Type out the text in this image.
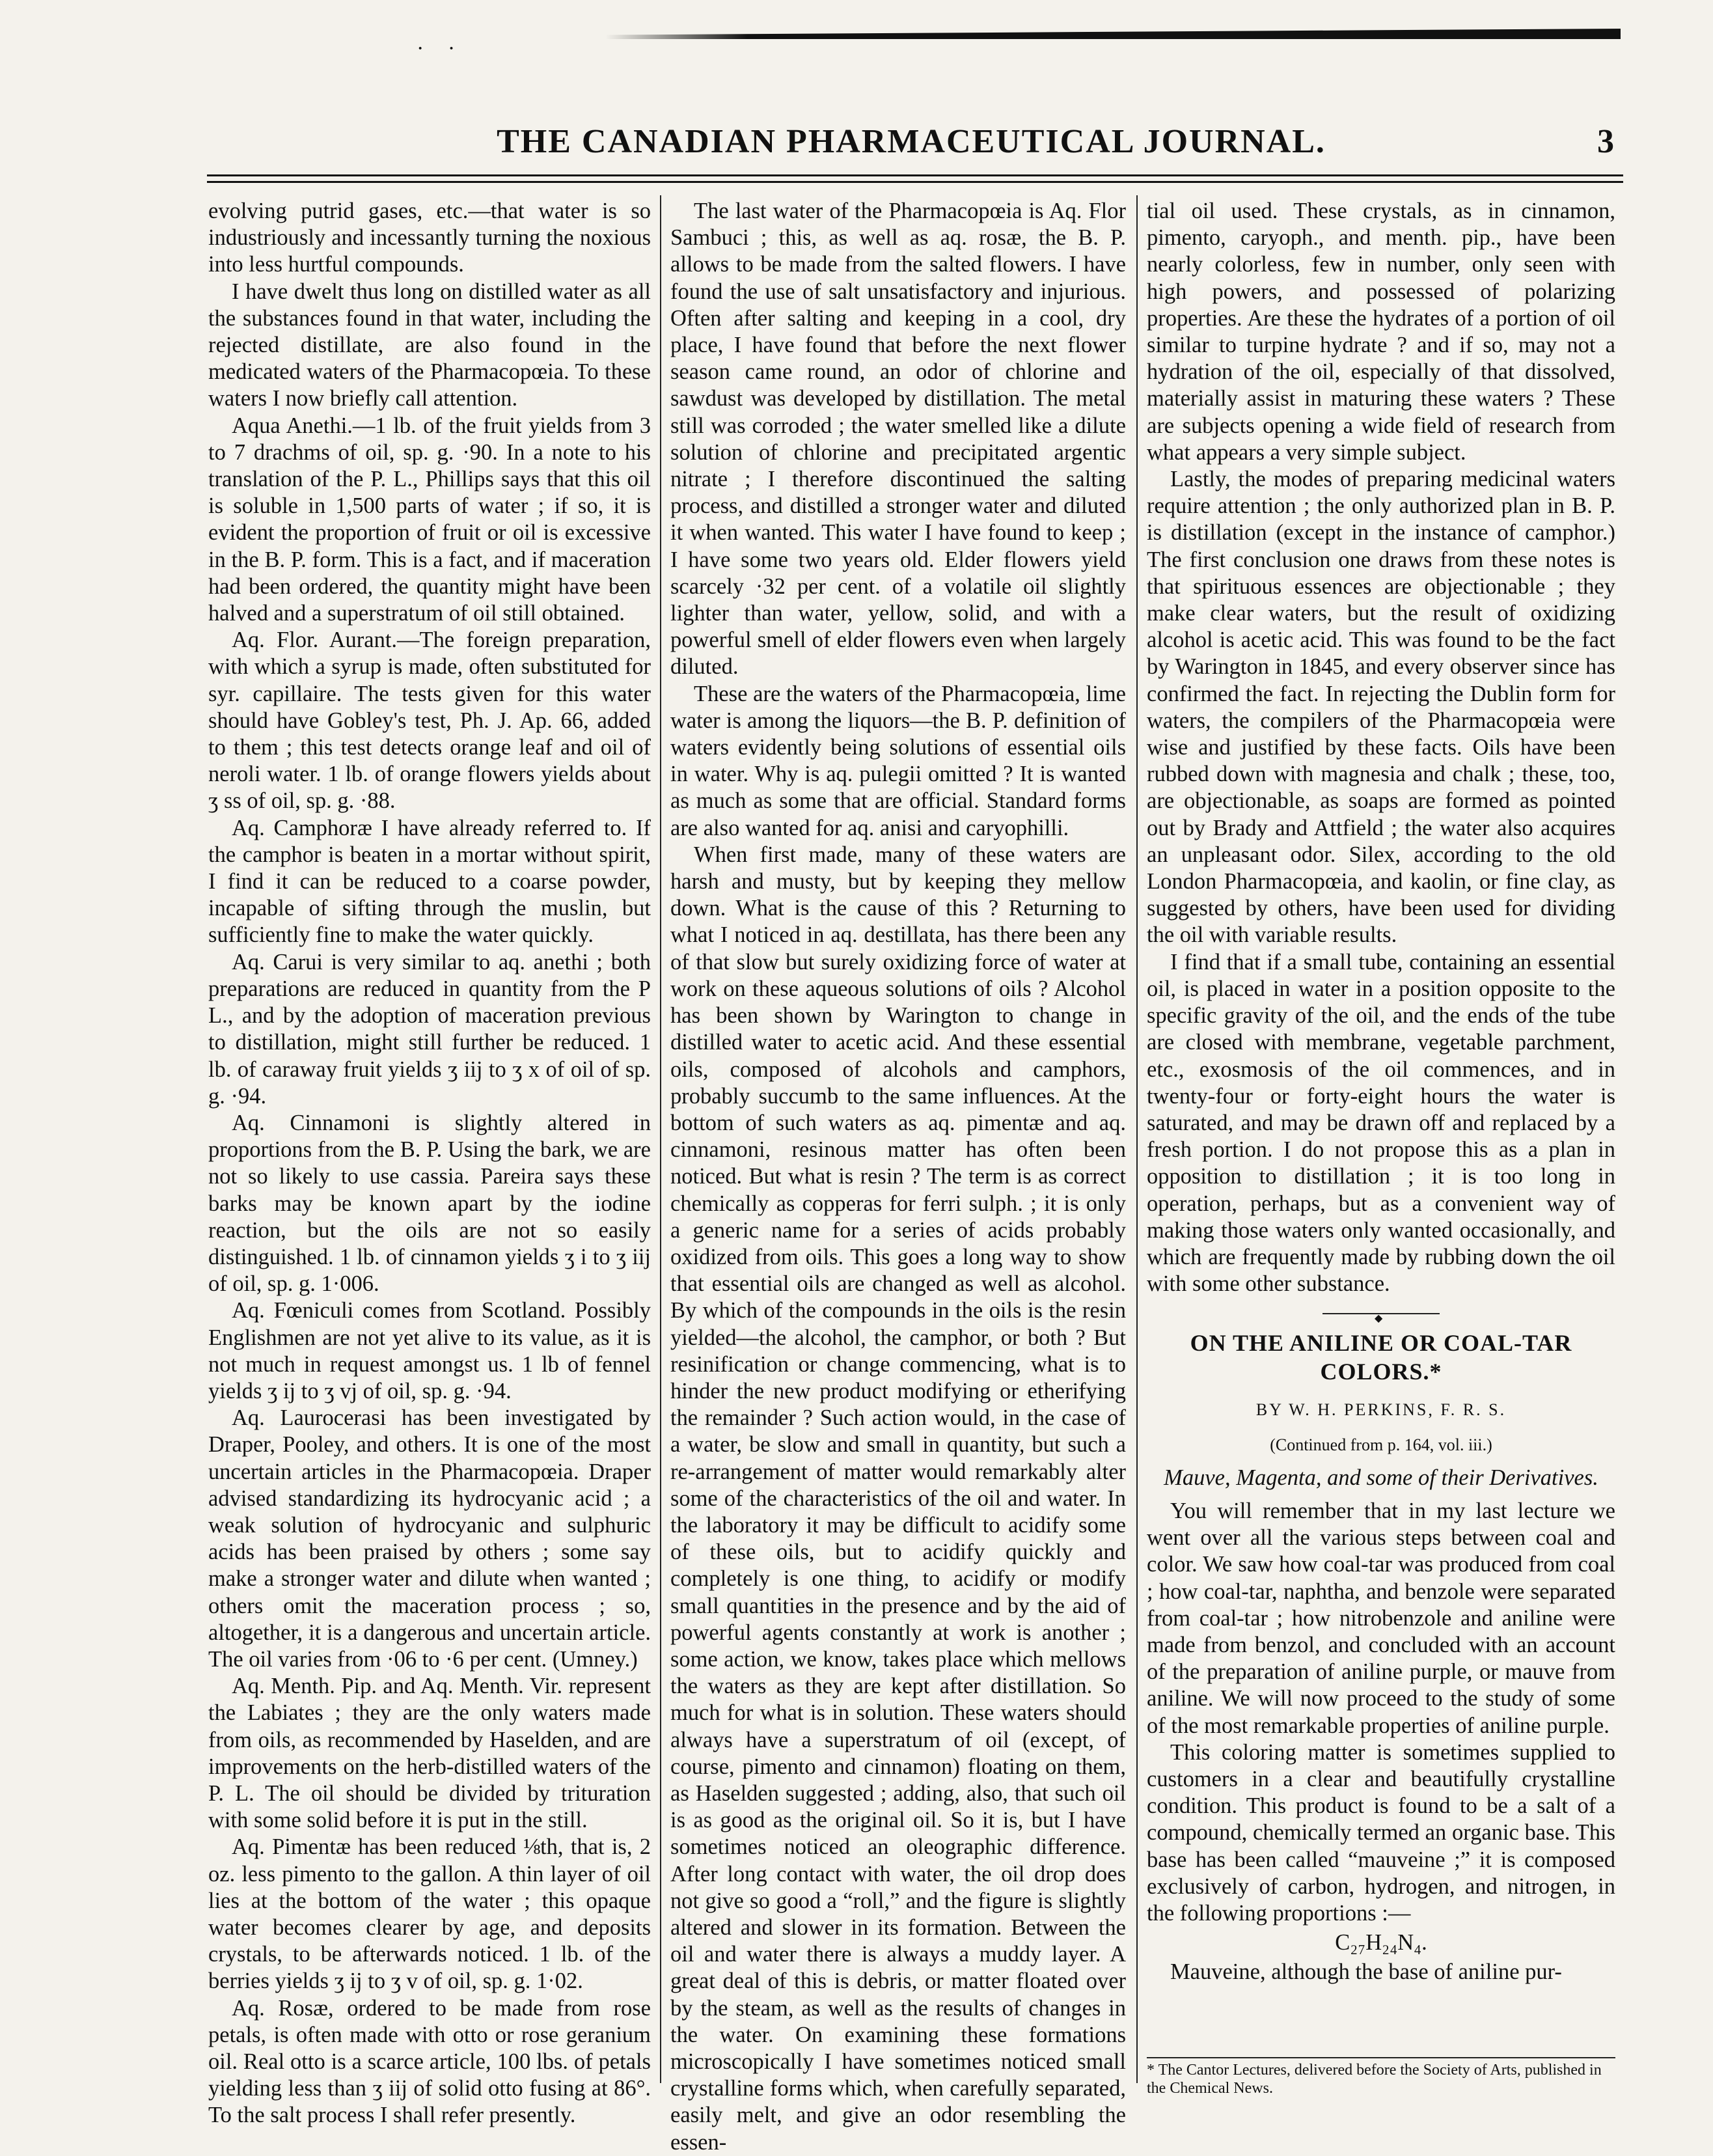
· ·
THE CANADIAN PHARMACEUTICAL JOURNAL.	3

evolving putrid gases, etc.—that water is so industriously and incessantly turning the noxious into less hurtful compounds.

I have dwelt thus long on distilled water as all the substances found in that water, including the rejected distillate, are also found in the medicated waters of the Pharmacopœia. To these waters I now briefly call attention.

Aqua Anethi.—1 lb. of the fruit yields from 3 to 7 drachms of oil, sp. g. ·90. In a note to his translation of the P. L., Phillips says that this oil is soluble in 1,500 parts of water ; if so, it is evident the proportion of fruit or oil is excessive in the B. P. form. This is a fact, and if maceration had been ordered, the quantity might have been halved and a superstratum of oil still obtained.

Aq. Flor. Aurant.—The foreign preparation, with which a syrup is made, often substituted for syr. capillaire. The tests given for this water should have Gobley's test, Ph. J. Ap. 66, added to them ; this test detects orange leaf and oil of neroli water. 1 lb. of orange flowers yields about ʒ ss of oil, sp. g. ·88.

Aq. Camphoræ I have already referred to. If the camphor is beaten in a mortar without spirit, I find it can be reduced to a coarse powder, incapable of sifting through the muslin, but sufficiently fine to make the water quickly.

Aq. Carui is very similar to aq. anethi ; both preparations are reduced in quantity from the P L., and by the adoption of maceration previous to distillation, might still further be reduced. 1 lb. of caraway fruit yields ʒ iij to ʒ x of oil of sp. g. ·94.

Aq. Cinnamoni is slightly altered in proportions from the B. P. Using the bark, we are not so likely to use cassia. Pareira says these barks may be known apart by the iodine reaction, but the oils are not so easily distinguished. 1 lb. of cinnamon yields ʒ i to ʒ iij of oil, sp. g. 1·006.

Aq. Fœniculi comes from Scotland. Possibly Englishmen are not yet alive to its value, as it is not much in request amongst us. 1 lb of fennel yields ʒ ij to ʒ vj of oil, sp. g. ·94.

Aq. Laurocerasi has been investigated by Draper, Pooley, and others. It is one of the most uncertain articles in the Pharmacopœia. Draper advised standardizing its hydrocyanic acid ; a weak solution of hydrocyanic and sulphuric acids has been praised by others ; some say make a stronger water and dilute when wanted ; others omit the maceration process ; so, altogether, it is a dangerous and uncertain article. The oil varies from ·06 to ·6 per cent. (Umney.)

Aq. Menth. Pip. and Aq. Menth. Vir. represent the Labiates ; they are the only waters made from oils, as recommended by Haselden, and are improvements on the herb-distilled waters of the P. L. The oil should be divided by trituration with some solid before it is put in the still.

Aq. Pimentæ has been reduced ⅛th, that is, 2 oz. less pimento to the gallon. A thin layer of oil lies at the bottom of the water ; this opaque water becomes clearer by age, and deposits crystals, to be afterwards noticed. 1 lb. of the berries yields ʒ ij to ʒ v of oil, sp. g. 1·02.

Aq. Rosæ, ordered to be made from rose petals, is often made with otto or rose geranium oil. Real otto is a scarce article, 100 lbs. of petals yielding less than ʒ iij of solid otto fusing at 86°. To the salt process I shall refer presently.

The last water of the Pharmacopœia is Aq. Flor Sambuci ; this, as well as aq. rosæ, the B. P. allows to be made from the salted flowers. I have found the use of salt unsatisfactory and injurious. Often after salting and keeping in a cool, dry place, I have found that before the next flower season came round, an odor of chlorine and sawdust was developed by distillation. The metal still was corroded ; the water smelled like a dilute solution of chlorine and precipitated argentic nitrate ; I therefore discontinued the salting process, and distilled a stronger water and diluted it when wanted. This water I have found to keep ; I have some two years old. Elder flowers yield scarcely ·32 per cent. of a volatile oil slightly lighter than water, yellow, solid, and with a powerful smell of elder flowers even when largely diluted.

These are the waters of the Pharmacopœia, lime water is among the liquors—the B. P. definition of waters evidently being solutions of essential oils in water. Why is aq. pulegii omitted ? It is wanted as much as some that are official. Standard forms are also wanted for aq. anisi and caryophilli.

When first made, many of these waters are harsh and musty, but by keeping they mellow down. What is the cause of this ? Returning to what I noticed in aq. destillata, has there been any of that slow but surely oxidizing force of water at work on these aqueous solutions of oils ? Alcohol has been shown by Warington to change in distilled water to acetic acid. And these essential oils, composed of alcohols and camphors, probably succumb to the same influences. At the bottom of such waters as aq. pimentæ and aq. cinnamoni, resinous matter has often been noticed. But what is resin ? The term is as correct chemically as copperas for ferri sulph. ; it is only a generic name for a series of acids probably oxidized from oils. This goes a long way to show that essential oils are changed as well as alcohol. By which of the compounds in the oils is the resin yielded—the alcohol, the camphor, or both ? But resinification or change commencing, what is to hinder the new product modifying or etherifying the remainder ? Such action would, in the case of a water, be slow and small in quantity, but such a re-arrangement of matter would remarkably alter some of the characteristics of the oil and water. In the laboratory it may be difficult to acidify some of these oils, but to acidify quickly and completely is one thing, to acidify or modify small quantities in the presence and by the aid of powerful agents constantly at work is another ; some action, we know, takes place which mellows the waters as they are kept after distillation. So much for what is in solution. These waters should always have a superstratum of oil (except, of course, pimento and cinnamon) floating on them, as Haselden suggested ; adding, also, that such oil is as good as the original oil. So it is, but I have sometimes noticed an oleographic difference. After long contact with water, the oil drop does not give so good a “roll,” and the figure is slightly altered and slower in its formation. Between the oil and water there is always a muddy layer. A great deal of this is debris, or matter floated over by the steam, as well as the results of changes in the water. On examining these formations microscopically I have sometimes noticed small crystalline forms which, when carefully separated, easily melt, and give an odor resembling the essen-

tial oil used. These crystals, as in cinnamon, pimento, caryoph., and menth. pip., have been nearly colorless, few in number, only seen with high powers, and possessed of polarizing properties. Are these the hydrates of a portion of oil similar to turpine hydrate ? and if so, may not a hydration of the oil, especially of that dissolved, materially assist in maturing these waters ? These are subjects opening a wide field of research from what appears a very simple subject.

Lastly, the modes of preparing medicinal waters require attention ; the only authorized plan in B. P. is distillation (except in the instance of camphor.) The first conclusion one draws from these notes is that spirituous essences are objectionable ; they make clear waters, but the result of oxidizing alcohol is acetic acid. This was found to be the fact by Warington in 1845, and every observer since has confirmed the fact. In rejecting the Dublin form for waters, the compilers of the Pharmacopœia were wise and justified by these facts. Oils have been rubbed down with magnesia and chalk ; these, too, are objectionable, as soaps are formed as pointed out by Brady and Attfield ; the water also acquires an unpleasant odor. Silex, according to the old London Pharmacopœia, and kaolin, or fine clay, as suggested by others, have been used for dividing the oil with variable results.

I find that if a small tube, containing an essential oil, is placed in water in a position opposite to the specific gravity of the oil, and the ends of the tube are closed with membrane, vegetable parchment, etc., exosmosis of the oil commences, and in twenty-four or forty-eight hours the water is saturated, and may be drawn off and replaced by a fresh portion. I do not propose this as a plan in opposition to distillation ; it is too long in operation, perhaps, but as a convenient way of making those waters only wanted occasionally, and which are frequently made by rubbing down the oil with some other substance.

◆
ON THE ANILINE OR COAL-TAR COLORS.*
BY W. H. PERKINS, F. R. S.
(Continued from p. 164, vol. iii.)
Mauve, Magenta, and some of their Derivatives.

You will remember that in my last lecture we went over all the various steps between coal and color. We saw how coal-tar was produced from coal ; how coal-tar, naphtha, and benzole were separated from coal-tar ; how nitrobenzole and aniline were made from benzol, and concluded with an account of the preparation of aniline purple, or mauve from aniline. We will now proceed to the study of some of the most remarkable properties of aniline purple.

This coloring matter is sometimes supplied to customers in a clear and beautifully crystalline condition. This product is found to be a salt of a compound, chemically termed an organic base. This base has been called “mauveine ;” it is composed exclusively of carbon, hydrogen, and nitrogen, in the following proportions :—

C₂₇H₂₄N₄.

Mauveine, although the base of aniline pur-

* The Cantor Lectures, delivered before the Society of Arts, published in the Chemical News.
